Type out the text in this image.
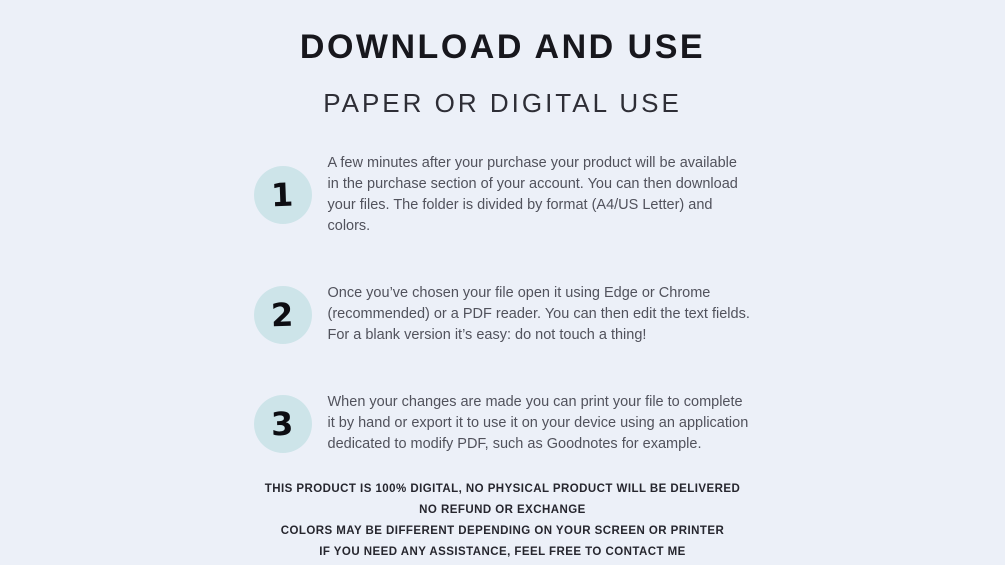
DOWNLOAD AND USE
PAPER OR DIGITAL USE
1
A few minutes after your purchase your product will be available in the purchase section of your account. You can then download your files. The folder is divided by format (A4/US Letter) and colors.
2
Once you’ve chosen your file open it using Edge or Chrome (recommended) or a PDF reader. You can then edit the text fields. For a blank version it’s easy: do not touch a thing!
3
When your changes are made you can print your file to complete it by hand or export it to use it on your device using an application dedicated to modify PDF, such as Goodnotes for example.
THIS PRODUCT IS 100% DIGITAL, NO PHYSICAL PRODUCT WILL BE DELIVERED
NO REFUND OR EXCHANGE
COLORS MAY BE DIFFERENT DEPENDING ON YOUR SCREEN OR PRINTER
IF YOU NEED ANY ASSISTANCE, FEEL FREE TO CONTACT ME
